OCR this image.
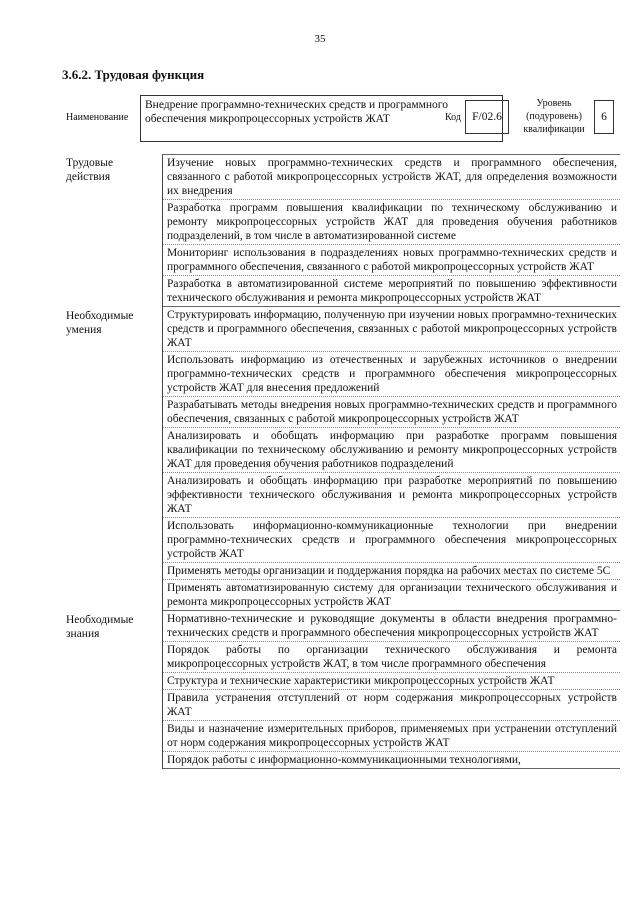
35
3.6.2. Трудовая функция
Наименование
Внедрение программно-технических средств и программного обеспечения микропроцессорных устройств ЖАТ	Код F/02.6
Уровень (подуровень) квалификации
6
Трудовые действия
Изучение новых программно-технических средств и программного обеспечения, связанного с работой микропроцессорных устройств ЖАТ, для определения возможности их внедрения
Разработка программ повышения квалификации по техническому обслуживанию и ремонту микропроцессорных устройств ЖАТ для проведения обучения работников подразделений, в том числе в автоматизированной системе
Мониторинг использования в подразделениях новых программно-технических средств и программного обеспечения, связанного с работой микропроцессорных устройств ЖАТ
Разработка в автоматизированной системе мероприятий по повышению эффективности технического обслуживания и ремонта микропроцессорных устройств ЖАТ
Необходимые умения
Структурировать информацию, полученную при изучении новых программно-технических средств и программного обеспечения, связанных с работой микропроцессорных устройств ЖАТ
Использовать информацию из отечественных и зарубежных источников о внедрении программно-технических средств и программного обеспечения микропроцессорных устройств ЖАТ для внесения предложений
Разрабатывать методы внедрения новых программно-технических средств и программного обеспечения, связанных с работой микропроцессорных устройств ЖАТ
Анализировать и обобщать информацию при разработке программ повышения квалификации по техническому обслуживанию и ремонту микропроцессорных устройств ЖАТ для проведения обучения работников подразделений
Анализировать и обобщать информацию при разработке мероприятий по повышению эффективности технического обслуживания и ремонта микропроцессорных устройств ЖАТ
Использовать информационно-коммуникационные технологии при внедрении программно-технических средств и программного обеспечения микропроцессорных устройств ЖАТ
Применять методы организации и поддержания порядка на рабочих местах по системе 5С
Применять автоматизированную систему для организации технического обслуживания и ремонта микропроцессорных устройств ЖАТ
Необходимые знания
Нормативно-технические и руководящие документы в области внедрения программно-технических средств и программного обеспечения микропроцессорных устройств ЖАТ
Порядок работы по организации технического обслуживания и ремонта микропроцессорных устройств ЖАТ, в том числе программного обеспечения
Структура и технические характеристики микропроцессорных устройств ЖАТ
Правила устранения отступлений от норм содержания микропроцессорных устройств ЖАТ
Виды и назначение измерительных приборов, применяемых при устранении отступлений от норм содержания микропроцессорных устройств ЖАТ
Порядок работы с информационно-коммуникационными технологиями,
